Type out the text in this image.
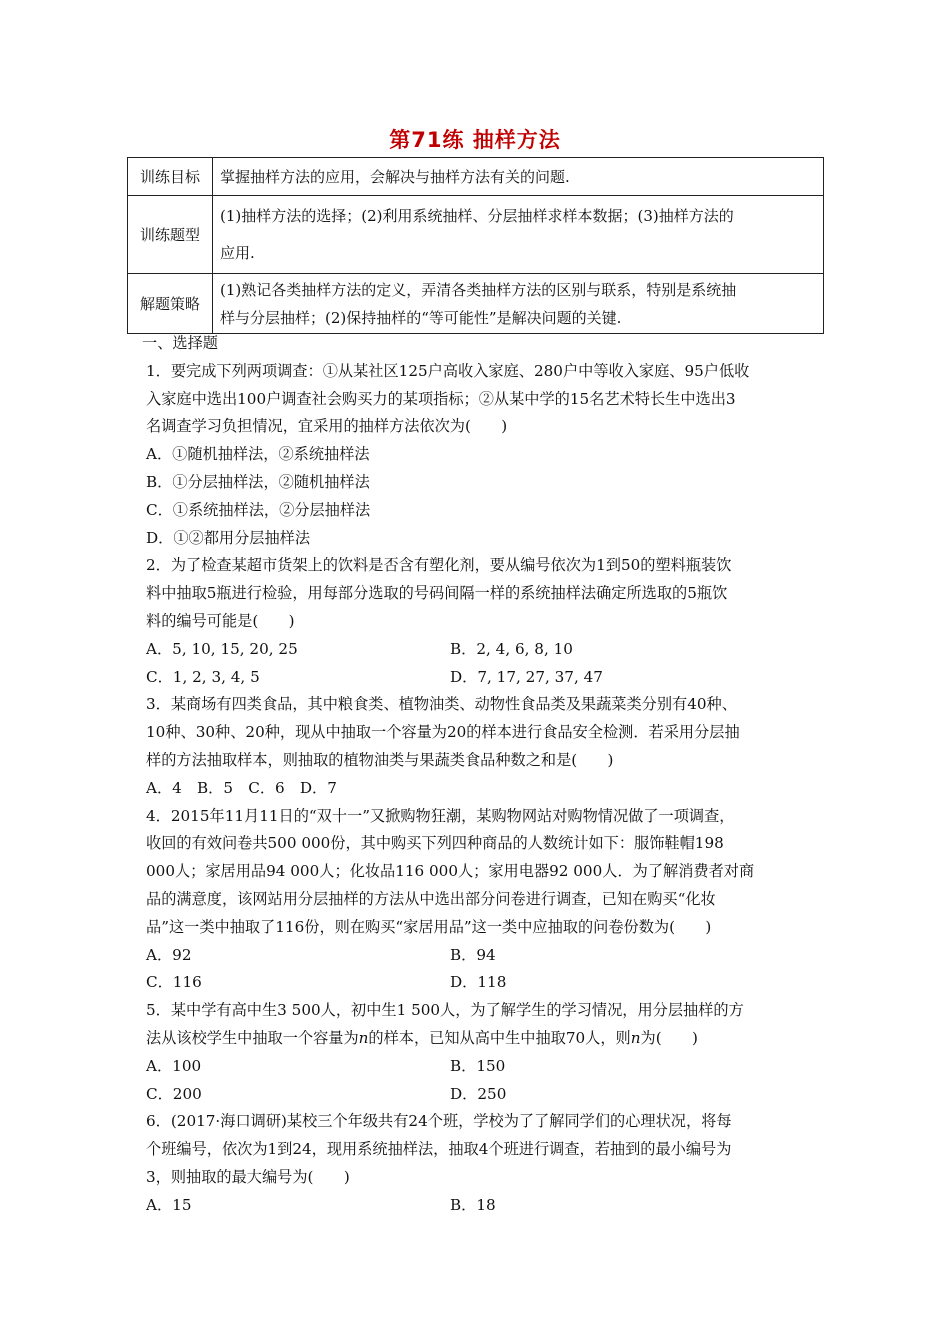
第71练 抽样方法
训练目标	掌握抽样方法的应用，会解决与抽样方法有关的问题.
训练题型	(1)抽样方法的选择；(2)利用系统抽样、分层抽样求样本数据；(3)抽样方法的
应用.

解题策略	(1)熟记各类抽样方法的定义，弄清各类抽样方法的区别与联系，特别是系统抽
样与分层抽样；(2)保持抽样的“等可能性”是解决问题的关键.
一、选择题
1．要完成下列两项调查：①从某社区125户高收入家庭、280户中等收入家庭、95户低收
入家庭中选出100户调查社会购买力的某项指标；②从某中学的15名艺术特长生中选出3
名调查学习负担情况，宜采用的抽样方法依次为(　　)
A．①随机抽样法，②系统抽样法
B．①分层抽样法，②随机抽样法
C．①系统抽样法，②分层抽样法
D．①②都用分层抽样法
2．为了检查某超市货架上的饮料是否含有塑化剂，要从编号依次为1到50的塑料瓶装饮
料中抽取5瓶进行检验，用每部分选取的号码间隔一样的系统抽样法确定所选取的5瓶饮
料的编号可能是(　　)
A．5, 10, 15, 20, 25	B．2, 4, 6, 8, 10
C．1, 2, 3, 4, 5	D．7, 17, 27, 37, 47
3．某商场有四类食品，其中粮食类、植物油类、动物性食品类及果蔬菜类分别有40种、
10种、30种、20种，现从中抽取一个容量为20的样本进行食品安全检测．若采用分层抽
样的方法抽取样本，则抽取的植物油类与果蔬类食品种数之和是(　　)
A．4　B．5　C．6　D．7
4．2015年11月11日的“双十一”又掀购物狂潮，某购物网站对购物情况做了一项调查，
收回的有效问卷共500 000份，其中购买下列四种商品的人数统计如下：服饰鞋帽198
000人；家居用品94 000人；化妆品116 000人；家用电器92 000人．为了解消费者对商
品的满意度，该网站用分层抽样的方法从中选出部分问卷进行调查，已知在购买“化妆
品”这一类中抽取了116份，则在购买“家居用品”这一类中应抽取的问卷份数为(　　)
A．92	B．94
C．116	D．118
5．某中学有高中生3 500人，初中生1 500人，为了解学生的学习情况，用分层抽样的方
法从该校学生中抽取一个容量为n的样本，已知从高中生中抽取70人，则n为(　　)
A．100	B．150
C．200	D．250
6．(2017·海口调研)某校三个年级共有24个班，学校为了了解同学们的心理状况，将每
个班编号，依次为1到24，现用系统抽样法，抽取4个班进行调查，若抽到的最小编号为
3，则抽取的最大编号为(　　)
A．15	B．18
